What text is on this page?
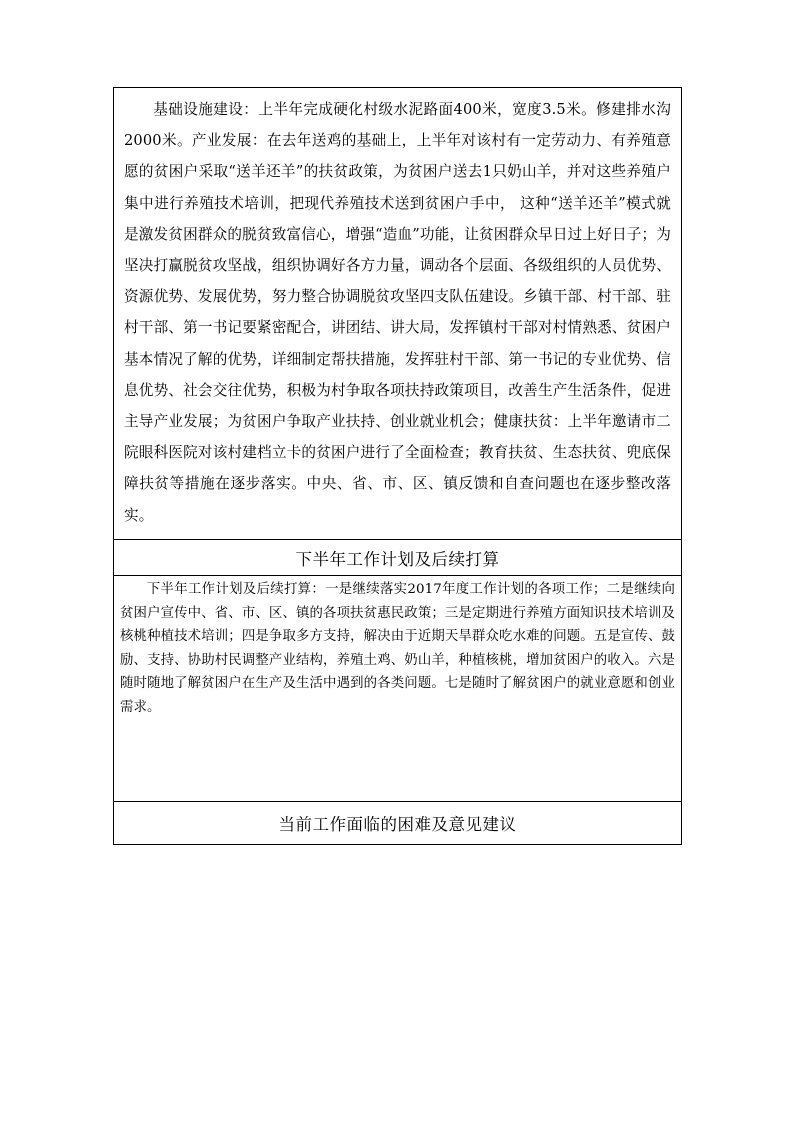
基础设施建设：上半年完成硬化村级水泥路面400米，宽度3.5米。修建排水沟2000米。产业发展：在去年送鸡的基础上，上半年对该村有一定劳动力、有养殖意愿的贫困户采取“送羊还羊”的扶贫政策，为贫困户送去1只奶山羊，并对这些养殖户集中进行养殖技术培训，把现代养殖技术送到贫困户手中， 这种“送羊还羊”模式就是激发贫困群众的脱贫致富信心，增强“造血”功能，让贫困群众早日过上好日子；为坚决打赢脱贫攻坚战，组织协调好各方力量，调动各个层面、各级组织的人员优势、资源优势、发展优势，努力整合协调脱贫攻坚四支队伍建设。乡镇干部、村干部、驻村干部、第一书记要紧密配合，讲团结、讲大局，发挥镇村干部对村情熟悉、贫困户基本情况了解的优势，详细制定帮扶措施，发挥驻村干部、第一书记的专业优势、信息优势、社会交往优势，积极为村争取各项扶持政策项目，改善生产生活条件，促进主导产业发展；为贫困户争取产业扶持、创业就业机会；健康扶贫：上半年邀请市二院眼科医院对该村建档立卡的贫困户进行了全面检查；教育扶贫、生态扶贫、兜底保障扶贫等措施在逐步落实。中央、省、市、区、镇反馈和自查问题也在逐步整改落实。
下半年工作计划及后续打算
下半年工作计划及后续打算：一是继续落实2017年度工作计划的各项工作；二是继续向贫困户宣传中、省、市、区、镇的各项扶贫惠民政策；三是定期进行养殖方面知识技术培训及核桃种植技术培训；四是争取多方支持，解决由于近期天旱群众吃水难的问题。五是宣传、鼓励、支持、协助村民调整产业结构，养殖土鸡、奶山羊，种植核桃，增加贫困户的收入。六是随时随地了解贫困户在生产及生活中遇到的各类问题。七是随时了解贫困户的就业意愿和创业需求。
当前工作面临的困难及意见建议
